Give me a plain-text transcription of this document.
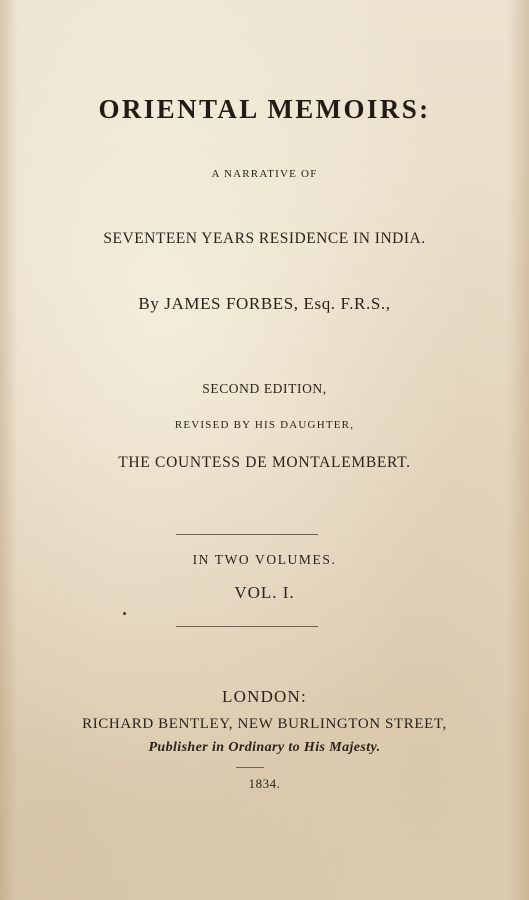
ORIENTAL MEMOIRS:
A NARRATIVE OF
SEVENTEEN YEARS RESIDENCE IN INDIA.
By JAMES FORBES, Esq. F.R.S.,
SECOND EDITION,
REVISED BY HIS DAUGHTER,
THE COUNTESS DE MONTALEMBERT.
IN TWO VOLUMES.
VOL. I.
LONDON:
RICHARD BENTLEY, NEW BURLINGTON STREET,
Publisher in Ordinary to His Majesty.
1834.
